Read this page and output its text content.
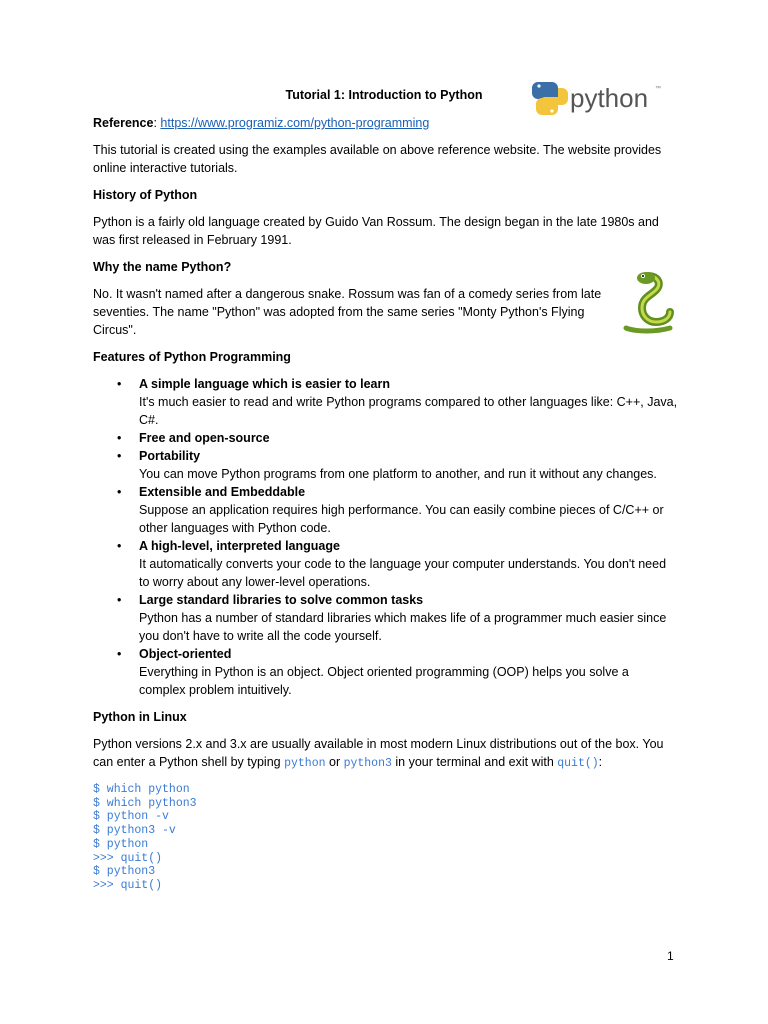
Tutorial 1: Introduction to Python	python ™

Reference: https://www.programiz.com/python-programming

This tutorial is created using the examples available on above reference website. The website provides online interactive tutorials.

History of Python

Python is a fairly old language created by Guido Van Rossum. The design began in the late 1980s and was first released in February 1991.

Why the name Python?

No. It wasn't named after a dangerous snake. Rossum was fan of a comedy series from late seventies. The name "Python" was adopted from the same series "Monty Python's Flying Circus".

Features of Python Programming

• A simple language which is easier to learn
It's much easier to read and write Python programs compared to other languages like: C++, Java, C#.
• Free and open-source
• Portability
You can move Python programs from one platform to another, and run it without any changes.
• Extensible and Embeddable
Suppose an application requires high performance. You can easily combine pieces of C/C++ or other languages with Python code.
• A high-level, interpreted language
It automatically converts your code to the language your computer understands. You don't need to worry about any lower-level operations.
• Large standard libraries to solve common tasks
Python has a number of standard libraries which makes life of a programmer much easier since you don't have to write all the code yourself.
• Object-oriented
Everything in Python is an object. Object oriented programming (OOP) helps you solve a complex problem intuitively.

Python in Linux

Python versions 2.x and 3.x are usually available in most modern Linux distributions out of the box. You can enter a Python shell by typing python or python3 in your terminal and exit with quit():

$ which python
$ which python3
$ python -v
$ python3 -v
$ python
>>> quit()
$ python3
>>> quit()
1
